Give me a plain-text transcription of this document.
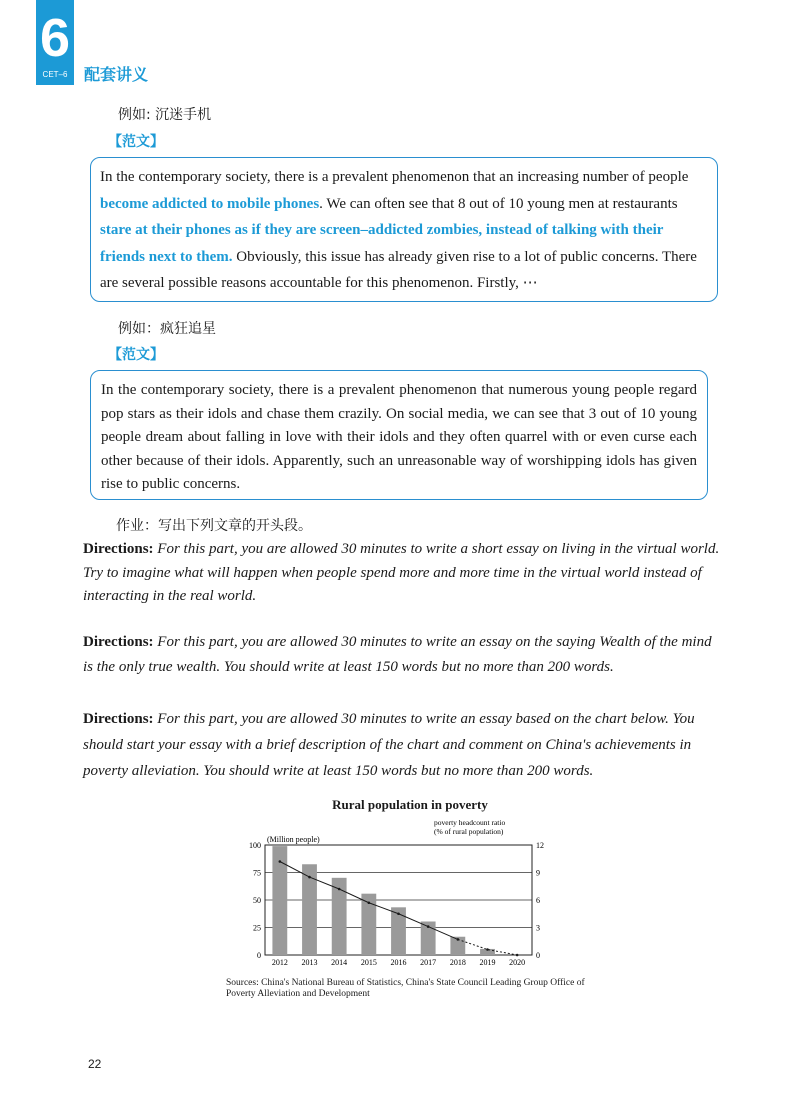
6
CET–6	配套讲义
例如: 沉迷手机
【范文】

In the contemporary society, there is a prevalent phenomenon that an increasing number of people become addicted to mobile phones. We can often see that 8 out of 10 young men at restaurants stare at their phones as if they are screen–addicted zombies, instead of talking with their friends next to them. Obviously, this issue has already given rise to a lot of public concerns. There are several possible reasons accountable for this phenomenon. Firstly, ⋯

例如：疯狂追星
【范文】

In the contemporary society, there is a prevalent phenomenon that numerous young people regard pop stars as their idols and chase them crazily. On social media, we can see that 3 out of 10 young people dream about falling in love with their idols and they often quarrel with or even curse each other because of their idols. Apparently, such an unreasonable way of worshipping idols has given rise to public concerns.

作业：写出下列文章的开头段。
Directions: For this part, you are allowed 30 minutes to write a short essay on living in the virtual world. Try to imagine what will happen when people spend more and more time in the virtual world instead of interacting in the real world.
Directions: For this part, you are allowed 30 minutes to write an essay on the saying Wealth of the mind is the only true wealth. You should write at least 150 words but no more than 200 words.
Directions: For this part, you are allowed 30 minutes to write an essay based on the chart below. You should start your essay with a brief description of the chart and comment on China's achievements in poverty alleviation. You should write at least 150 words but no more than 200 words.
Rural population in poverty
0
25
50
75
100
0
3
6
9
12
2012 2013 2014 2015 2016 2017 2018 2019 2020
(Million people)
poverty headcount ratio
(% of rural population)
Sources: China's National Bureau of Statistics, China's State Council Leading Group Office of Poverty Alleviation and Development
22
